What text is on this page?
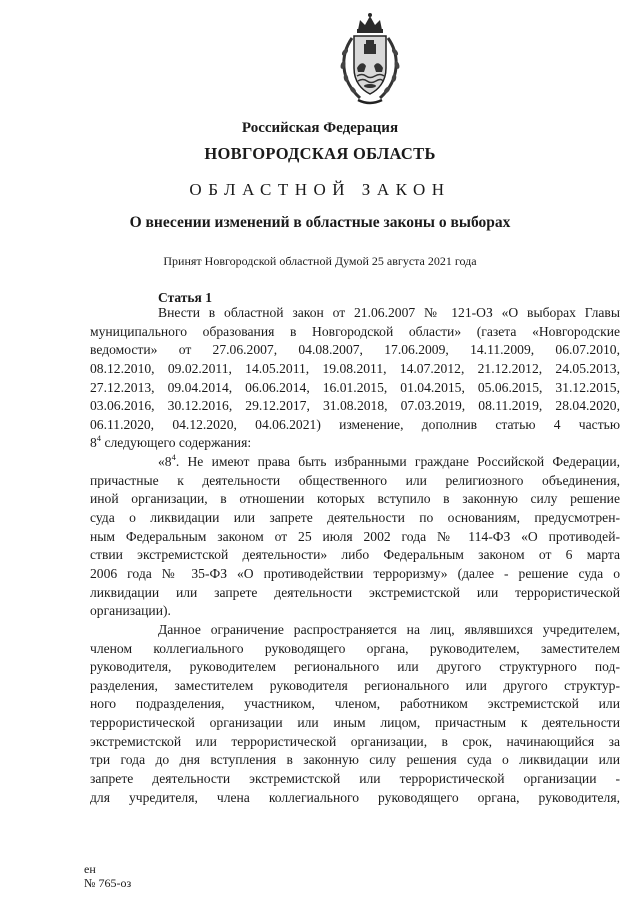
Российская Федерация
НОВГОРОДСКАЯ ОБЛАСТЬ
ОБЛАСТНОЙ ЗАКОН
О внесении изменений в областные законы о выборах
Принят Новгородской областной Думой 25 августа 2021 года
Статья 1
Внести в областной закон от 21.06.2007 № 121-ОЗ «О выборах Главы
муниципального образования в Новгородской области» (газета «Новгородские
ведомости» от 27.06.2007, 04.08.2007, 17.06.2009, 14.11.2009, 06.07.2010,
08.12.2010, 09.02.2011, 14.05.2011, 19.08.2011, 14.07.2012, 21.12.2012, 24.05.2013,
27.12.2013, 09.04.2014, 06.06.2014, 16.01.2015, 01.04.2015, 05.06.2015, 31.12.2015,
03.06.2016, 30.12.2016, 29.12.2017, 31.08.2018, 07.03.2019, 08.11.2019, 28.04.2020,
06.11.2020, 04.12.2020, 04.06.2021) изменение, дополнив статью 4 частью
$8^4$ следующего содержания:
«$8^4$. Не имеют права быть избранными граждане Российской Федерации,
причастные к деятельности общественного или религиозного объединения,
иной организации, в отношении которых вступило в законную силу решение
суда о ликвидации или запрете деятельности по основаниям, предусмотрен-
ным Федеральным законом от 25 июля 2002 года № 114-ФЗ «О противодей-
ствии экстремистской деятельности» либо Федеральным законом от 6 марта
2006 года № 35-ФЗ «О противодействии терроризму» (далее - решение суда о
ликвидации или запрете деятельности экстремистской или террористической
организации).
Данное ограничение распространяется на лиц, являвшихся учредителем,
членом коллегиального руководящего органа, руководителем, заместителем
руководителя, руководителем регионального или другого структурного под-
разделения, заместителем руководителя регионального или другого структур-
ного подразделения, участником, членом, работником экстремистской или
террористической организации или иным лицом, причастным к деятельности
экстремистской или террористической организации, в срок, начинающийся за
три года до дня вступления в законную силу решения суда о ликвидации или
запрете деятельности экстремистской или террористической организации -
для учредителя, члена коллегиального руководящего органа, руководителя,
ен
№ 765-оз
